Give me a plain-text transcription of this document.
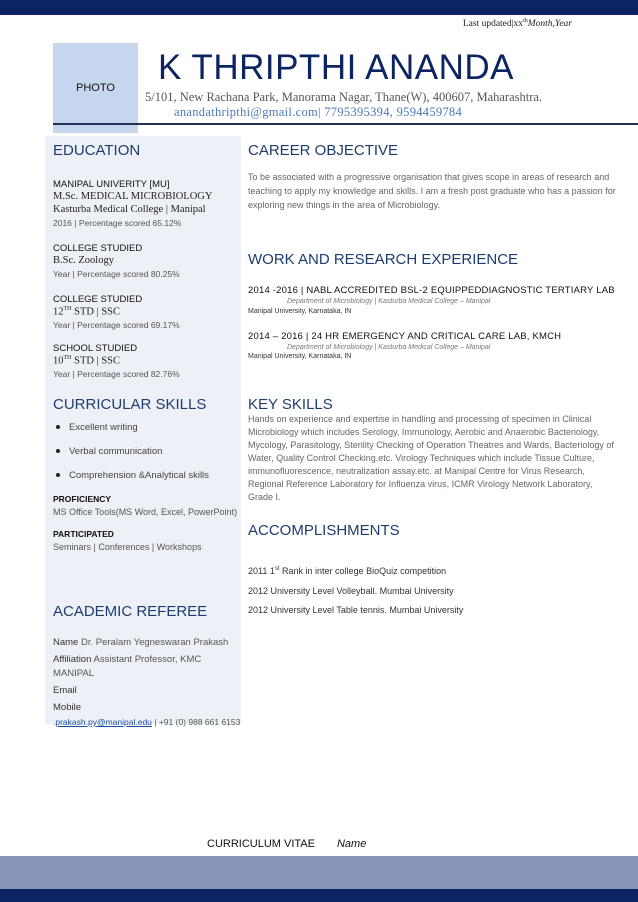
Last $updated|xx^{th}Month,Year$
PHOTO
K THRIPTHI ANANDA
5/101, New Rachana Park, Manorama Nagar, Thane(W), 400607, Maharashtra.
anandathripthi@gmail.com| 7795395394, 9594459784
EDUCATION
MANIPAL UNIVERITY [MU]
M.Sc. MEDICAL MICROBIOLOGY
Kasturba Medical College | Manipal
2016 | Percentage scored 65.12%
COLLEGE STUDIED
B.Sc. Zoology
Year | Percentage scored 80.25%
COLLEGE STUDIED
12TH STD | SSC
Year | Percentage scored 69.17%
SCHOOL STUDIED
10TH STD | SSC
Year | Percentage scored 82.76%
CURRICULAR SKILLS
Excellent writing
Verbal communication
Comprehension &Analytical skills
PROFICIENCY
MS Office Tools(MS Word, Excel, PowerPoint)
PARTICIPATED
Seminars | Conferences | Workshops
ACADEMIC REFEREE
Name Dr. Peralam Yegneswaran Prakash
Affiliation Assistant Professor, KMC
MANIPAL
Email
Mobile
.prakash.py@manipal.edu | +91 (0) 988 661 6153
CAREER OBJECTIVE
To be associated with a progressive organisation that gives scope in areas of research and teaching to apply my knowledge and skills. I am a fresh post graduate who has a passion for exploring new things in the area of Microbiology.
WORK AND RESEARCH EXPERIENCE
2014 -2016 | NABL ACCREDITED BSL-2 EQUIPPEDDIAGNOSTIC TERTIARY LAB
Department of Microbiology | Kasturba Medical College – Manipal
Manipal University, Karnataka, IN
2014 – 2016 | 24 HR EMERGENCY AND CRITICAL CARE LAB, KMCH
Department of Microbiology | Kasturba Medical College – Manipal
Manipal University, Karnataka, IN
KEY SKILLS
Hands on experience and expertise in handling and processing of specimen in Clinical Microbiology which includes Serology, Immunology, Aerobic and Anaerobic Bacteriology, Mycology, Parasitology, Sterility Checking of Operation Theatres and Wards, Bacteriology of Water, Quality Control Checking.etc. Virology Techniques which include Tissue Culture, immunofluorescence, neutralization assay.etc. at Manipal Centre for Virus Research, Regional Reference Laboratory for Influenza virus, ICMR Virology Network Laboratory, Grade I.
ACCOMPLISHMENTS
2011 1st Rank in inter college BioQuiz competition
2012 University Level Volleyball. Mumbai University
2012 University Level Table tennis. Mumbai University
CURRICULUM VITAE Name
